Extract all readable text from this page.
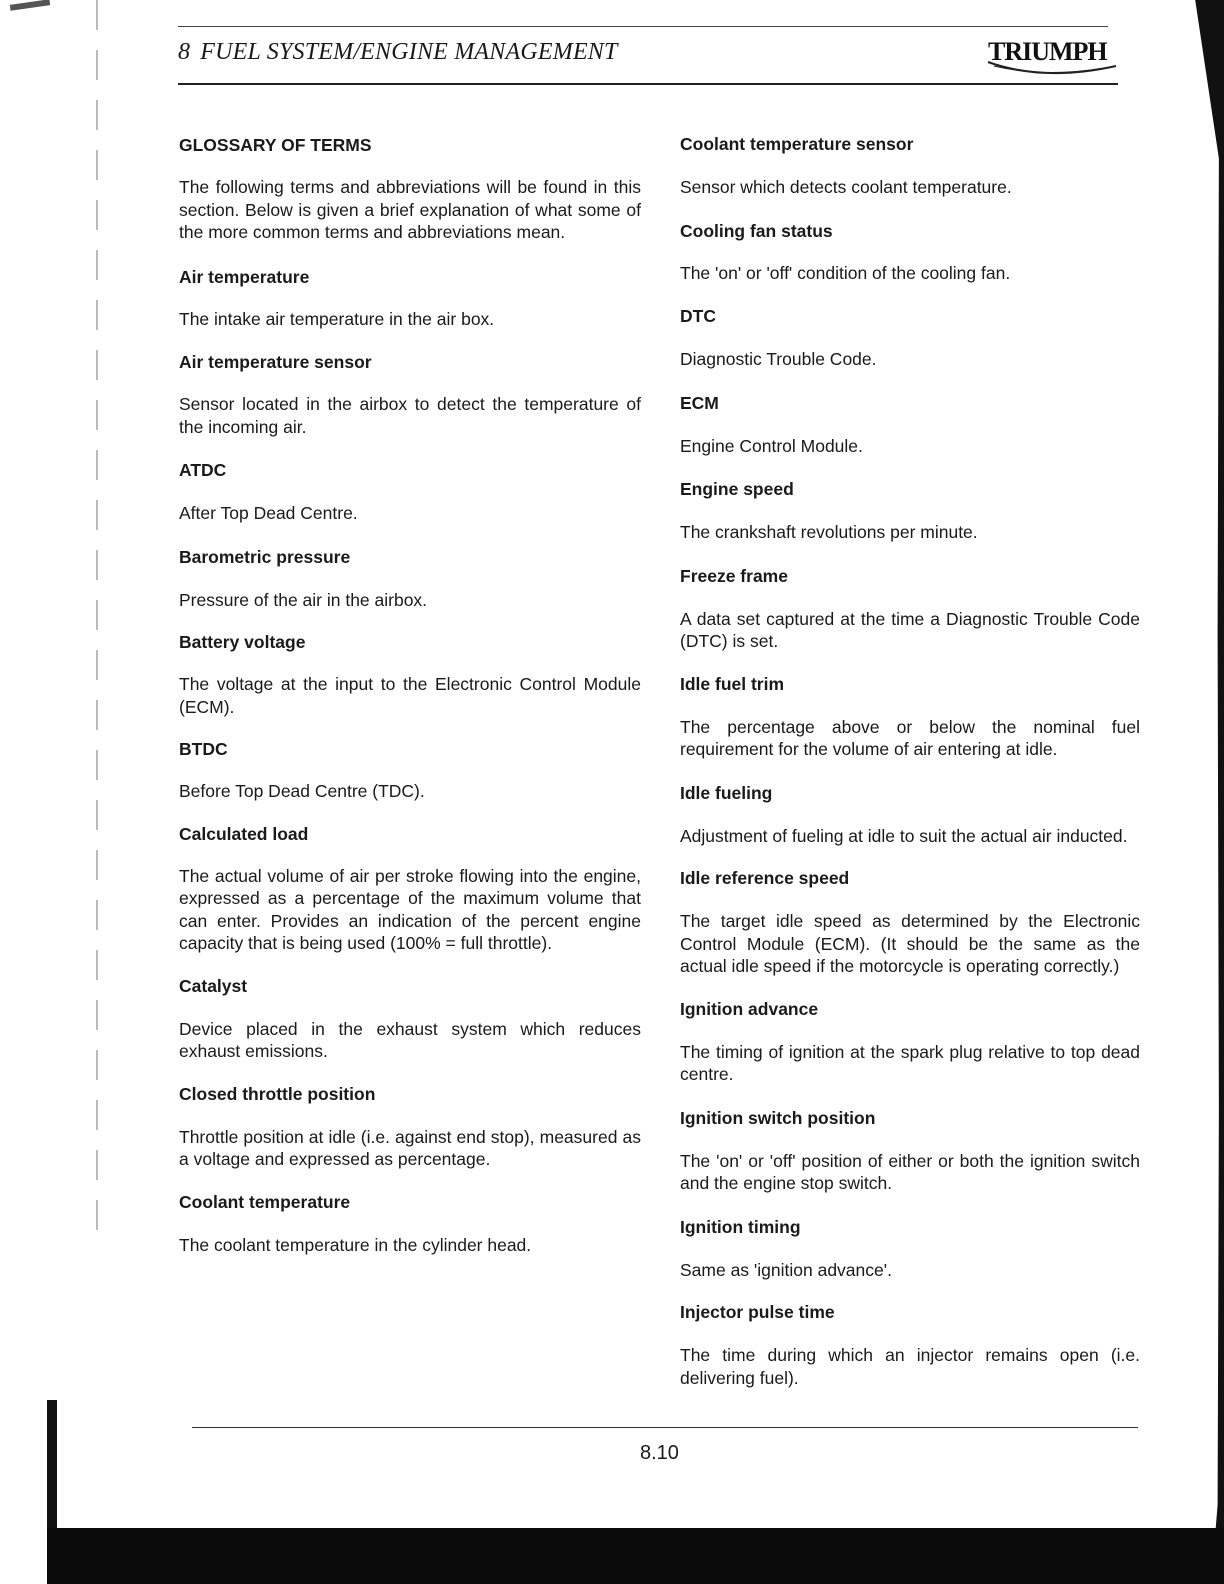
8 FUEL SYSTEM/ENGINE MANAGEMENT	TRIUMPH

GLOSSARY OF TERMS

The following terms and abbreviations will be found in this section. Below is given a brief explanation of what some of the more common terms and abbreviations mean.

Air temperature

The intake air temperature in the air box.

Air temperature sensor

Sensor located in the airbox to detect the temperature of the incoming air.

ATDC

After Top Dead Centre.

Barometric pressure

Pressure of the air in the airbox.

Battery voltage

The voltage at the input to the Electronic Control Module (ECM).

BTDC

Before Top Dead Centre (TDC).

Calculated load

The actual volume of air per stroke flowing into the engine, expressed as a percentage of the maximum volume that can enter. Provides an indication of the percent engine capacity that is being used (100% = full throttle).

Catalyst

Device placed in the exhaust system which reduces exhaust emissions.

Closed throttle position

Throttle position at idle (i.e. against end stop), measured as a voltage and expressed as percentage.

Coolant temperature

The coolant temperature in the cylinder head.

Coolant temperature sensor

Sensor which detects coolant temperature.

Cooling fan status

The 'on' or 'off' condition of the cooling fan.

DTC

Diagnostic Trouble Code.

ECM

Engine Control Module.

Engine speed

The crankshaft revolutions per minute.

Freeze frame

A data set captured at the time a Diagnostic Trouble Code (DTC) is set.

Idle fuel trim

The percentage above or below the nominal fuel requirement for the volume of air entering at idle.

Idle fueling

Adjustment of fueling at idle to suit the actual air inducted.

Idle reference speed

The target idle speed as determined by the Electronic Control Module (ECM). (It should be the same as the actual idle speed if the motorcycle is operating correctly.)

Ignition advance

The timing of ignition at the spark plug relative to top dead centre.

Ignition switch position

The 'on' or 'off' position of either or both the ignition switch and the engine stop switch.

Ignition timing

Same as 'ignition advance'.

Injector pulse time

The time during which an injector remains open (i.e. delivering fuel).

8.10
